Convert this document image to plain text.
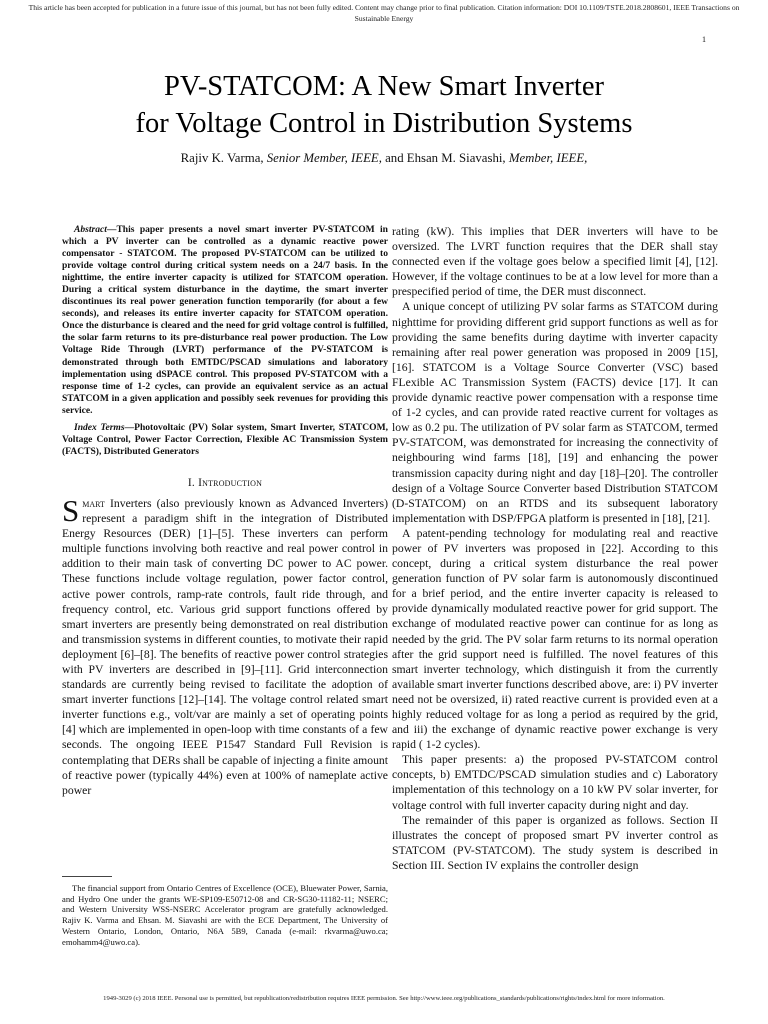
This article has been accepted for publication in a future issue of this journal, but has not been fully edited. Content may change prior to final publication. Citation information: DOI 10.1109/TSTE.2018.2808601, IEEE Transactions on Sustainable Energy
1
PV-STATCOM: A New Smart Inverter
for Voltage Control in Distribution Systems
Rajiv K. Varma, Senior Member, IEEE, and Ehsan M. Siavashi, Member, IEEE,

Abstract—This paper presents a novel smart inverter PV-STATCOM in which a PV inverter can be controlled as a dynamic reactive power compensator - STATCOM. The proposed PV-STATCOM can be utilized to provide voltage control during critical system needs on a 24/7 basis. In the nighttime, the entire inverter capacity is utilized for STATCOM operation. During a critical system disturbance in the daytime, the smart inverter discontinues its real power generation function temporarily (for about a few seconds), and releases its entire inverter capacity for STATCOM operation. Once the disturbance is cleared and the need for grid voltage control is fulfilled, the solar farm returns to its pre-disturbance real power production. The Low Voltage Ride Through (LVRT) performance of the PV-STATCOM is demonstrated through both EMTDC/PSCAD simulations and laboratory implementation using dSPACE control. This proposed PV-STATCOM with a response time of 1-2 cycles, can provide an equivalent service as an actual STATCOM in a given application and possibly seek revenues for providing this service.

Index Terms—Photovoltaic (PV) Solar system, Smart Inverter, STATCOM, Voltage Control, Power Factor Correction, Flexible AC Transmission System (FACTS), Distributed Generators

I. Introduction

Smart Inverters (also previously known as Advanced Inverters) represent a paradigm shift in the integration of Distributed Energy Resources (DER) [1]–[5]. These inverters can perform multiple functions involving both reactive and real power control in addition to their main task of converting DC power to AC power. These functions include voltage regulation, power factor control, active power controls, ramp-rate controls, fault ride through, and frequency control, etc. Various grid support functions offered by smart inverters are presently being demonstrated on real distribution and transmission systems in different counties, to motivate their rapid deployment [6]–[8]. The benefits of reactive power control strategies with PV inverters are described in [9]–[11]. Grid interconnection standards are currently being revised to facilitate the adoption of smart inverter functions [12]–[14]. The voltage control related smart inverter functions e.g., volt/var are mainly a set of operating points [4] which are implemented in open-loop with time constants of a few seconds. The ongoing IEEE P1547 Standard Full Revision is contemplating that DERs shall be capable of injecting a finite amount of reactive power (typically 44%) even at 100% of nameplate active power

The financial support from Ontario Centres of Excellence (OCE), Bluewater Power, Sarnia, and Hydro One under the grants WE-SP109-E50712-08 and CR-SG30-11182-11; NSERC; and Western University WSS-NSERC Accelerator program are gratefully acknowledged. Rajiv K. Varma and Ehsan. M. Siavashi are with the ECE Department, The University of Western Ontario, London, Ontario, N6A 5B9, Canada (e-mail: rkvarma@uwo.ca; emohamm4@uwo.ca).

rating (kW). This implies that DER inverters will have to be oversized. The LVRT function requires that the DER shall stay connected even if the voltage goes below a specified limit [4], [12]. However, if the voltage continues to be at a low level for more than a prespecified period of time, the DER must disconnect.

A unique concept of utilizing PV solar farms as STATCOM during nighttime for providing different grid support functions as well as for providing the same benefits during daytime with inverter capacity remaining after real power generation was proposed in 2009 [15], [16]. STATCOM is a Voltage Source Converter (VSC) based FLexible AC Transmission System (FACTS) device [17]. It can provide dynamic reactive power compensation with a response time of 1-2 cycles, and can provide rated reactive current for voltages as low as 0.2 pu. The utilization of PV solar farm as STATCOM, termed PV-STATCOM, was demonstrated for increasing the connectivity of neighbouring wind farms [18], [19] and enhancing the power transmission capacity during night and day [18]–[20]. The controller design of a Voltage Source Converter based Distribution STATCOM (D-STATCOM) on an RTDS and its subsequent laboratory implementation with DSP/FPGA platform is presented in [18], [21].

A patent-pending technology for modulating real and reactive power of PV inverters was proposed in [22]. According to this concept, during a critical system disturbance the real power generation function of PV solar farm is autonomously discontinued for a brief period, and the entire inverter capacity is released to provide dynamically modulated reactive power for grid support. The exchange of modulated reactive power can continue for as long as needed by the grid. The PV solar farm returns to its normal operation after the grid support need is fulfilled. The novel features of this smart inverter technology, which distinguish it from the currently available smart inverter functions described above, are: i) PV inverter need not be oversized, ii) rated reactive current is provided even at a highly reduced voltage for as long a period as required by the grid, and iii) the exchange of dynamic reactive power exchange is very rapid ( 1-2 cycles).

This paper presents: a) the proposed PV-STATCOM control concepts, b) EMTDC/PSCAD simulation studies and c) Laboratory implementation of this technology on a 10 kW PV solar inverter, for voltage control with full inverter capacity during night and day.

The remainder of this paper is organized as follows. Section II illustrates the concept of proposed smart PV inverter control as STATCOM (PV-STATCOM). The study system is described in Section III. Section IV explains the controller design

1949-3029 (c) 2018 IEEE. Personal use is permitted, but republication/redistribution requires IEEE permission. See http://www.ieee.org/publications_standards/publications/rights/index.html for more information.
